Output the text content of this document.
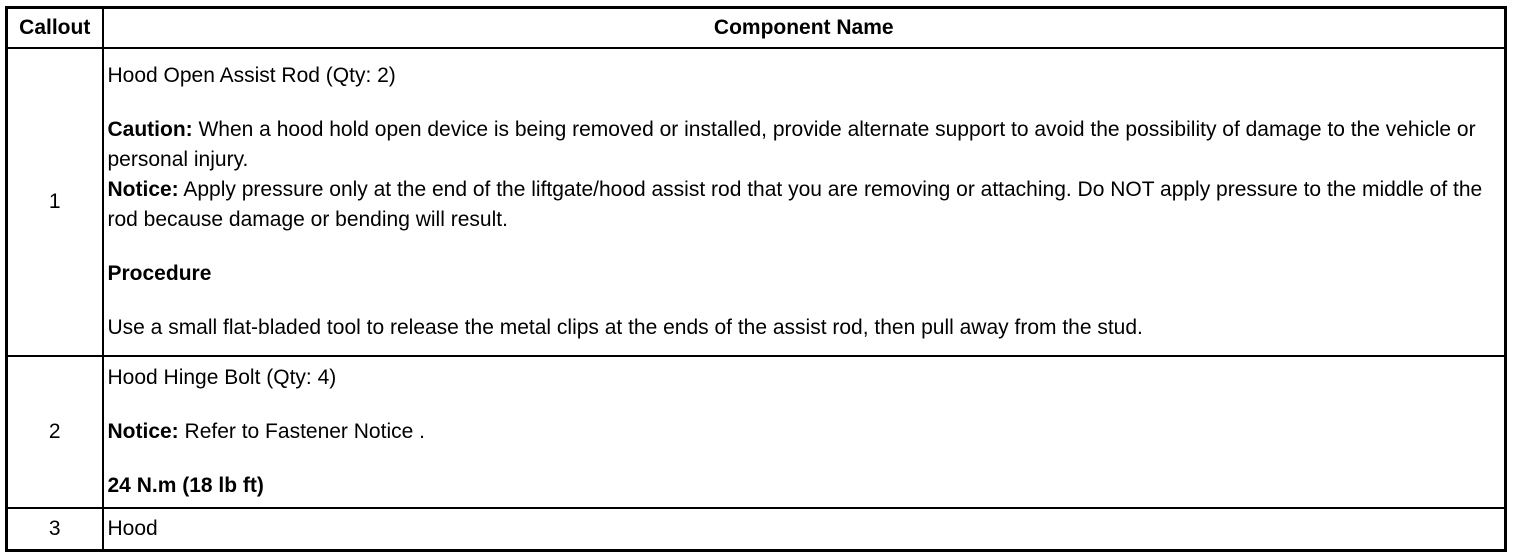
Callout	Component Name
1	Hood Open Assist Rod (Qty: 2)
Caution: When a hood hold open device is being removed or installed, provide alternate support to avoid the possibility of damage to the vehicle or personal injury.
Notice: Apply pressure only at the end of the liftgate/hood assist rod that you are removing or attaching. Do NOT apply pressure to the middle of the rod because damage or bending will result.
Procedure
Use a small flat-bladed tool to release the metal clips at the ends of the assist rod, then pull away from the stud.

2	Hood Hinge Bolt (Qty: 4)
Notice: Refer to Fastener Notice .
24 N.m (18 lb ft)

3	Hood
